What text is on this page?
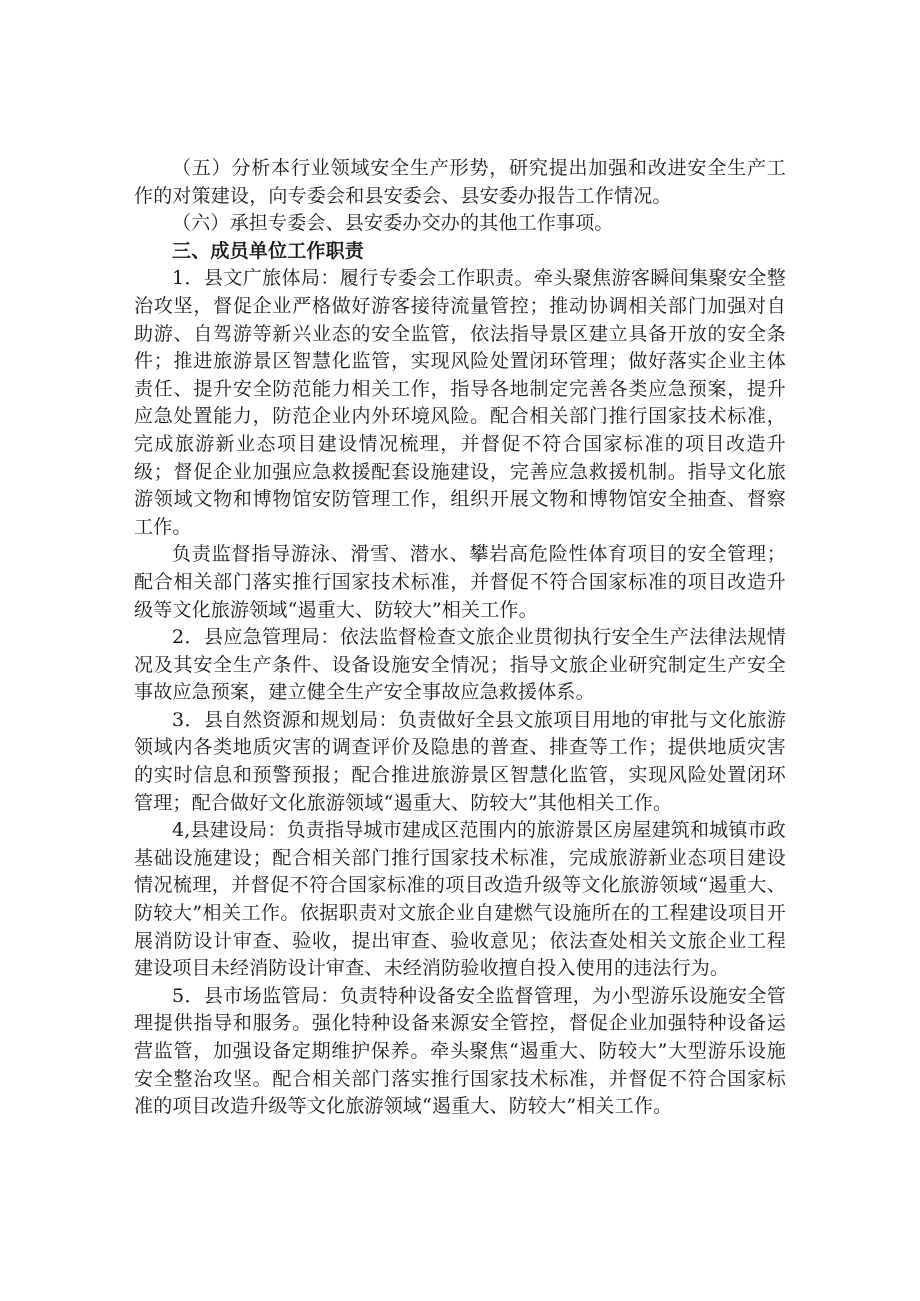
（五）分析本行业领域安全生产形势，研究提出加强和改进安全生产工作的对策建设，向专委会和县安委会、县安委办报告工作情况。

（六）承担专委会、县安委办交办的其他工作事项。

三、成员单位工作职责

1．县文广旅体局：履行专委会工作职责。牵头聚焦游客瞬间集聚安全整治攻坚，督促企业严格做好游客接待流量管控；推动协调相关部门加强对自助游、自驾游等新兴业态的安全监管，依法指导景区建立具备开放的安全条件；推进旅游景区智慧化监管，实现风险处置闭环管理；做好落实企业主体责任、提升安全防范能力相关工作，指导各地制定完善各类应急预案，提升应急处置能力，防范企业内外环境风险。配合相关部门推行国家技术标准，完成旅游新业态项目建设情况梳理，并督促不符合国家标准的项目改造升级；督促企业加强应急救援配套设施建设，完善应急救援机制。指导文化旅游领域文物和博物馆安防管理工作，组织开展文物和博物馆安全抽查、督察工作。

负责监督指导游泳、滑雪、潜水、攀岩高危险性体育项目的安全管理；配合相关部门落实推行国家技术标准，并督促不符合国家标准的项目改造升级等文化旅游领域“遏重大、防较大”相关工作。

2．县应急管理局：依法监督检查文旅企业贯彻执行安全生产法律法规情况及其安全生产条件、设备设施安全情况；指导文旅企业研究制定生产安全事故应急预案，建立健全生产安全事故应急救援体系。

3．县自然资源和规划局：负责做好全县文旅项目用地的审批与文化旅游领域内各类地质灾害的调查评价及隐患的普查、排查等工作；提供地质灾害的实时信息和预警预报；配合推进旅游景区智慧化监管，实现风险处置闭环管理；配合做好文化旅游领域“遏重大、防较大”其他相关工作。

4,县建设局：负责指导城市建成区范围内的旅游景区房屋建筑和城镇市政基础设施建设；配合相关部门推行国家技术标准，完成旅游新业态项目建设情况梳理，并督促不符合国家标准的项目改造升级等文化旅游领域“遏重大、防较大”相关工作。依据职责对文旅企业自建燃气设施所在的工程建设项目开展消防设计审查、验收，提出审查、验收意见；依法查处相关文旅企业工程建设项目未经消防设计审查、未经消防验收擅自投入使用的违法行为。

5．县市场监管局：负责特种设备安全监督管理，为小型游乐设施安全管理提供指导和服务。强化特种设备来源安全管控，督促企业加强特种设备运营监管，加强设备定期维护保养。牵头聚焦“遏重大、防较大”大型游乐设施安全整治攻坚。配合相关部门落实推行国家技术标准，并督促不符合国家标准的项目改造升级等文化旅游领域“遏重大、防较大”相关工作。
